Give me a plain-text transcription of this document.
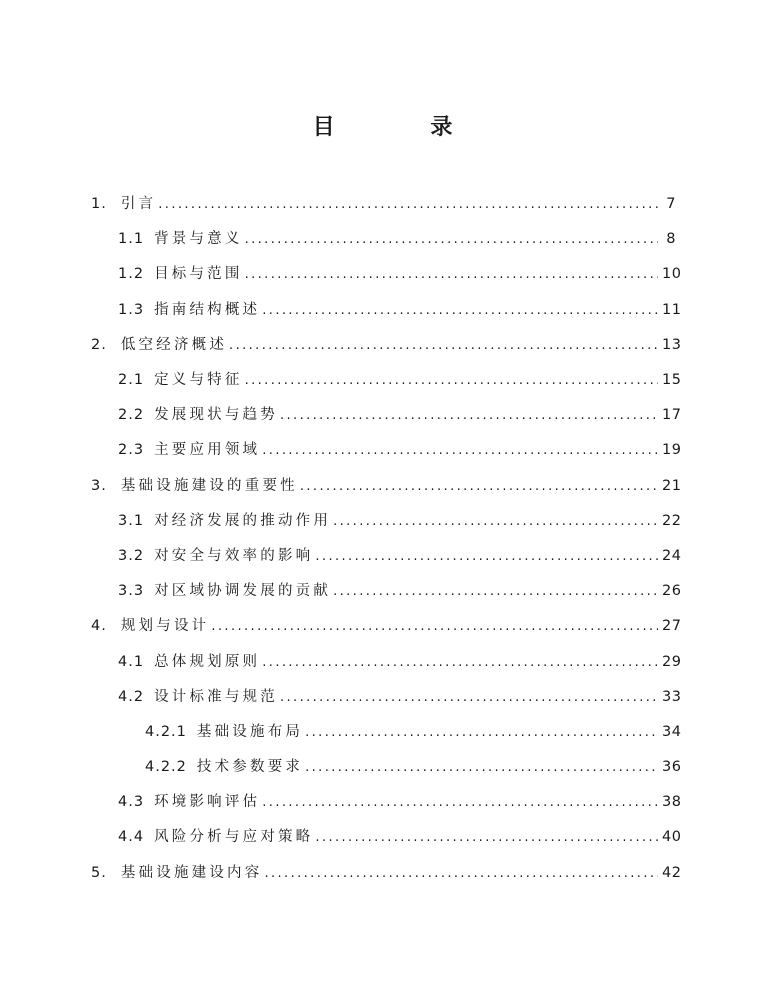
目 录
1. 引言 .....	7
1.1 背景与意义 .....	8
1.2 目标与范围 .....	10
1.3 指南结构概述 .....	11
2. 低空经济概述 .....	13
2.1 定义与特征 .....	15
2.2 发展现状与趋势 .....	17
2.3 主要应用领域 .....	19
3. 基础设施建设的重要性 .....	21
3.1 对经济发展的推动作用 .....	22
3.2 对安全与效率的影响 .....	24
3.3 对区域协调发展的贡献 .....	26
4. 规划与设计 .....	27
4.1 总体规划原则 .....	29
4.2 设计标准与规范 .....	33
4.2.1 基础设施布局 .....	34
4.2.2 技术参数要求 .....	36
4.3 环境影响评估 .....	38
4.4 风险分析与应对策略 .....	40
5. 基础设施建设内容 .....	42
